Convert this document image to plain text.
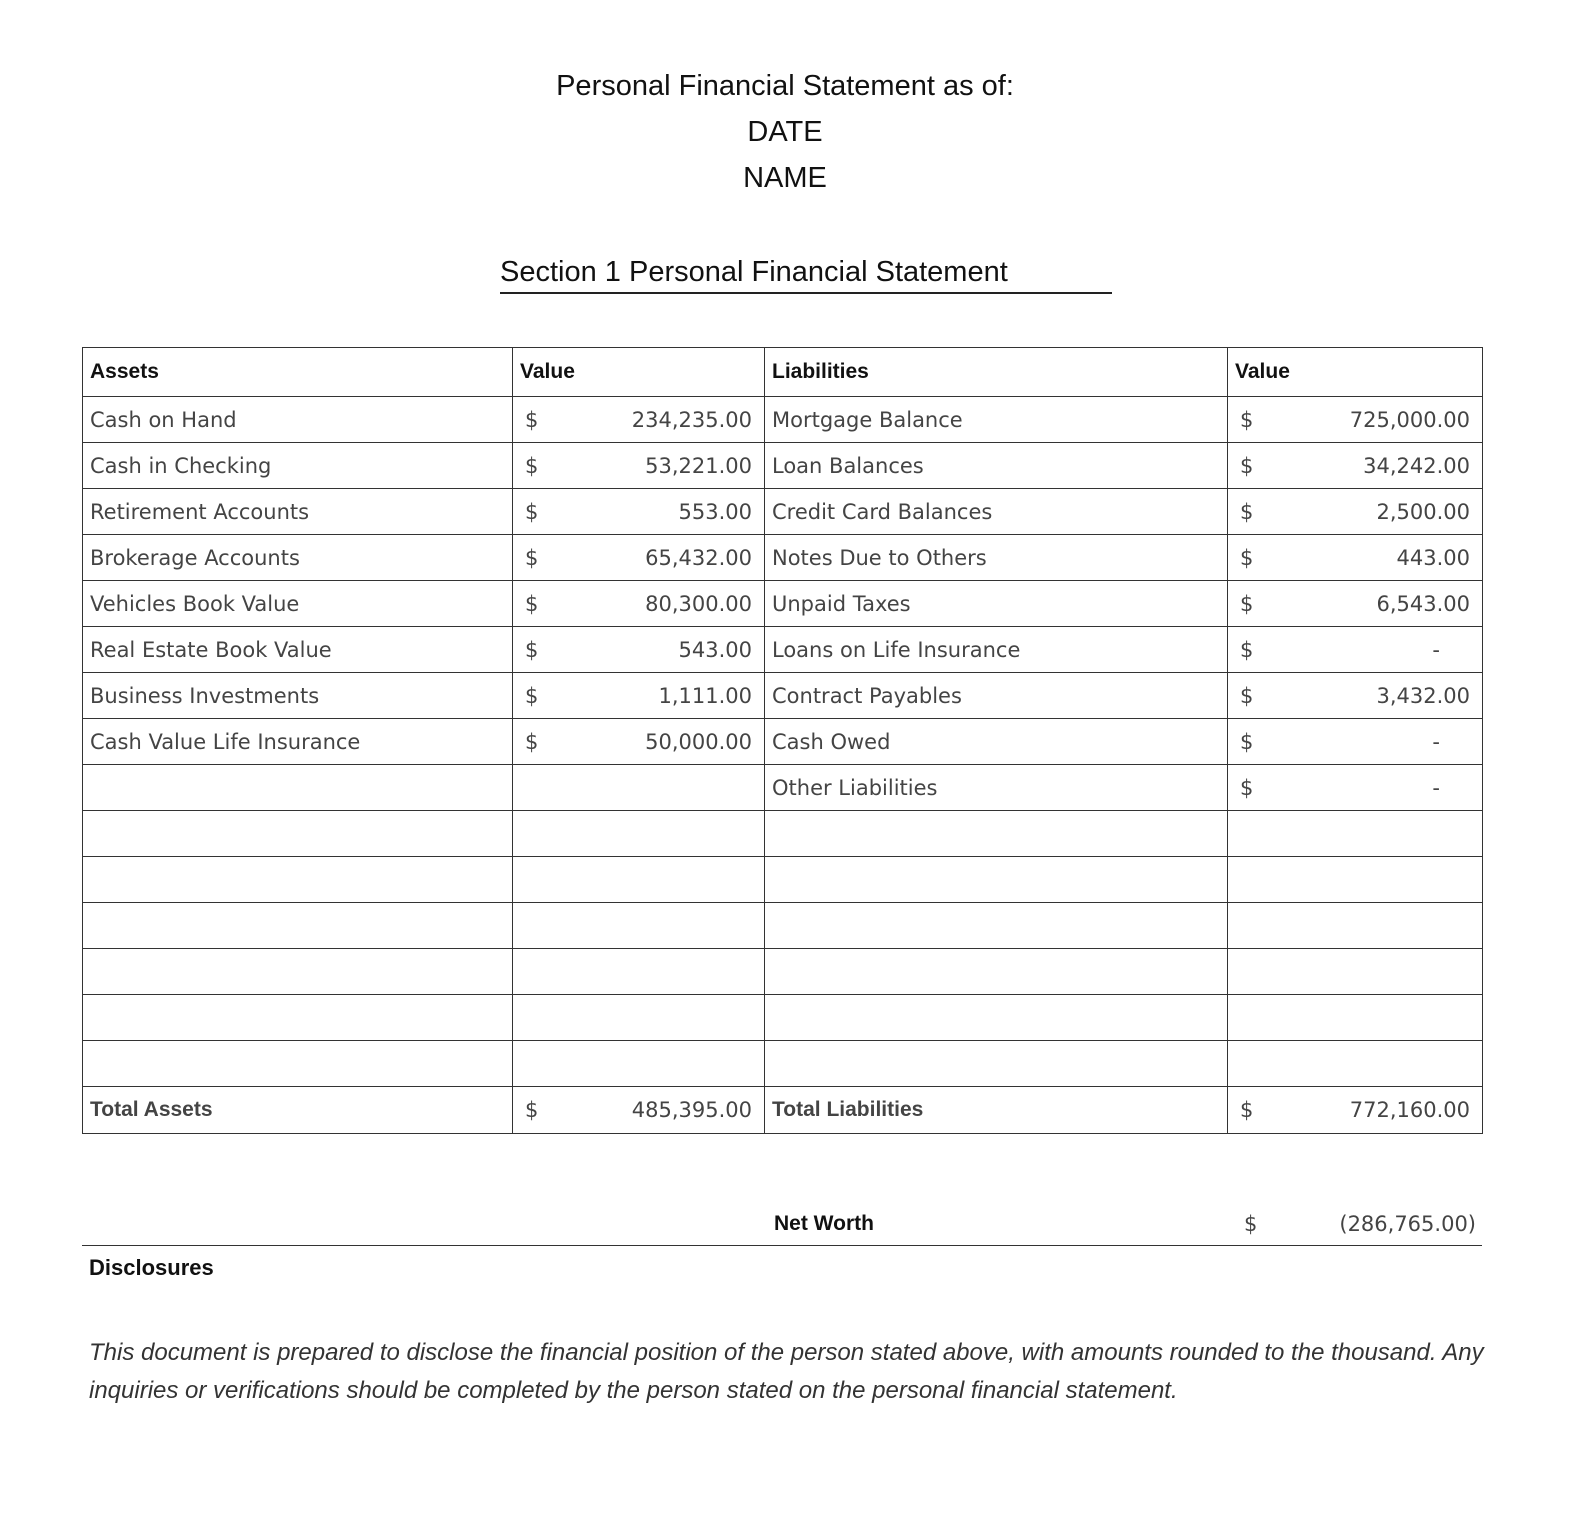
Personal Financial Statement as of:
DATE
NAME
Section 1 Personal Financial Statement
Assets	Value	Liabilities	Value
Cash on Hand	$ 234,235.00	Mortgage Balance	$ 725,000.00

Cash in Checking	$ 53,221.00	Loan Balances	$ 34,242.00

Retirement Accounts	$ 553.00	Credit Card Balances	$ 2,500.00

Brokerage Accounts	$ 65,432.00	Notes Due to Others	$ 443.00

Vehicles Book Value	$ 80,300.00	Unpaid Taxes	$ 6,543.00

Real Estate Book Value	$ 543.00	Loans on Life Insurance	$ -

Business Investments	$ 1,111.00	Contract Payables	$ 3,432.00

Cash Value Life Insurance	$ 50,000.00	Cash Owed	$ -

		Other Liabilities	$ -

Total Assets	$ 485,395.00	Total Liabilities	$ 772,160.00
Net Worth	$	(286,765.00)
Disclosures
This document is prepared to disclose the financial position of the person stated above, with amounts rounded to the thousand. Any inquiries or verifications should be completed by the person stated on the personal financial statement.
